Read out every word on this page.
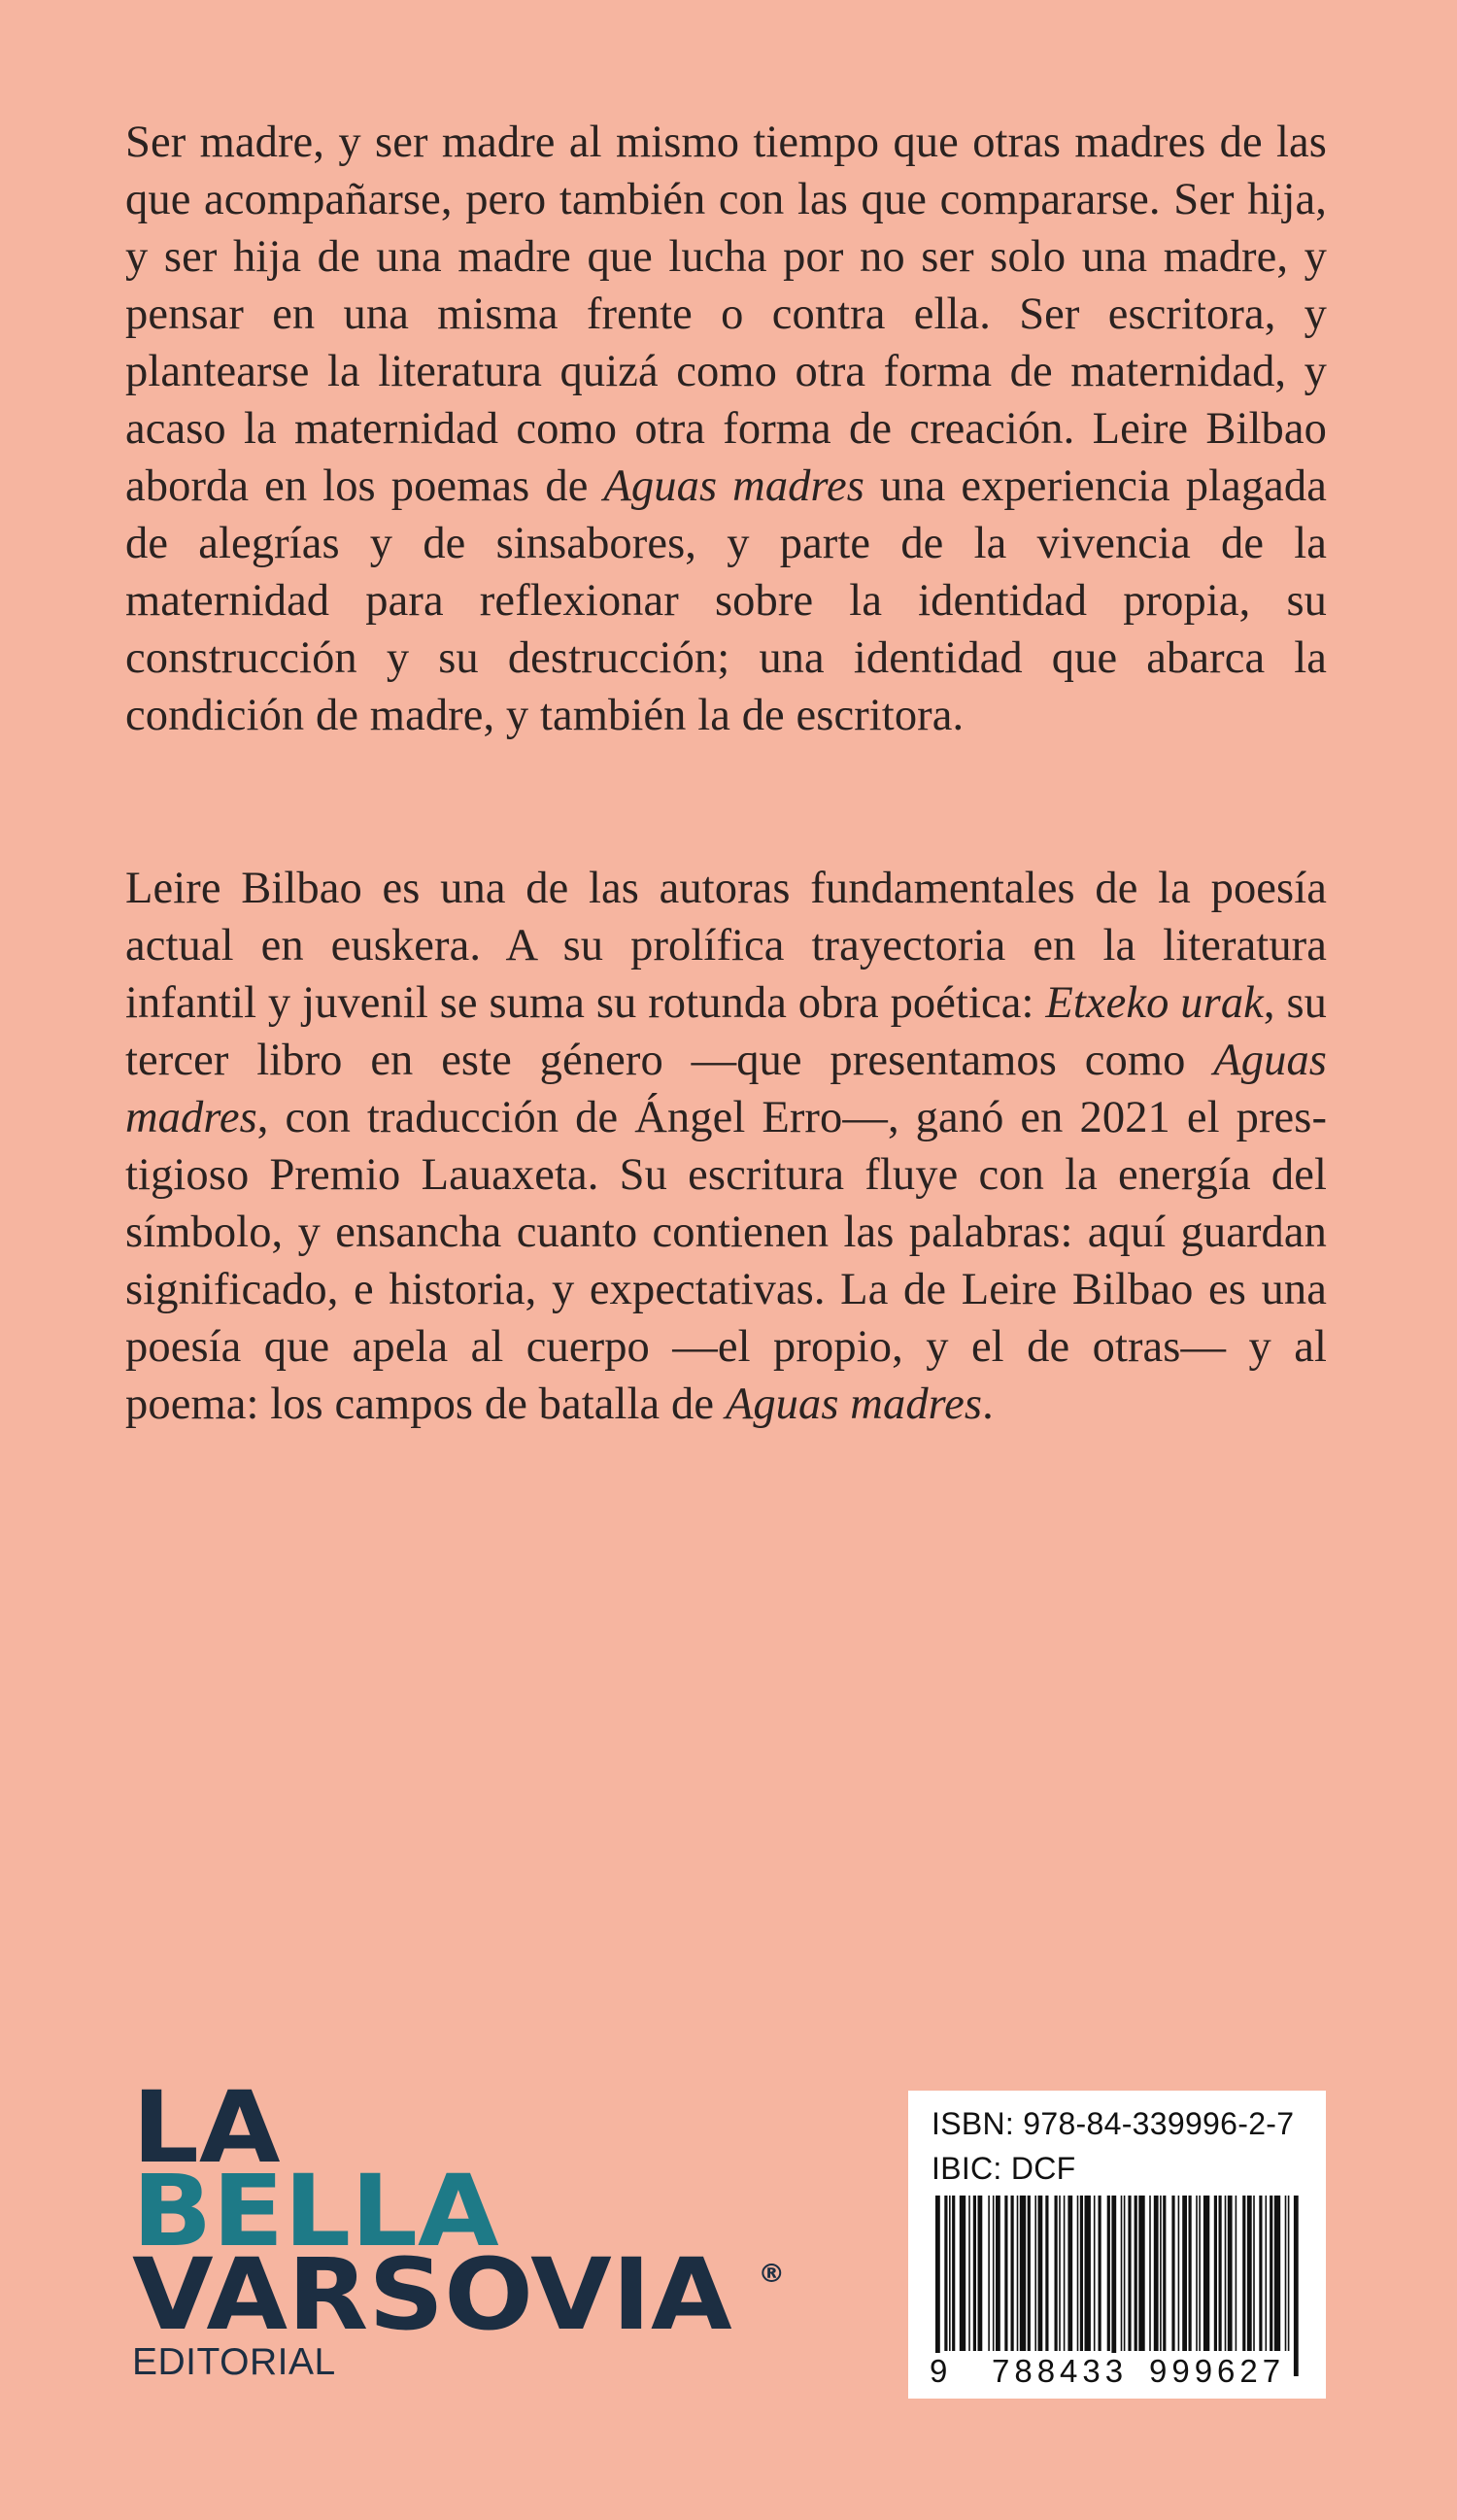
Ser madre, y ser madre al mismo tiempo que otras madres de las que acompañarse, pero también con las que compararse. Ser hija, y ser hija de una madre que lucha por no ser solo una madre, y pensar en una misma frente o contra ella. Ser escritora, y plantearse la literatura quizá como otra forma de maternidad, y acaso la maternidad como otra forma de creación. Leire Bilbao aborda en los poemas de Aguas madres una experiencia plagada de alegrías y de sinsabores, y parte de la vivencia de la maternidad para reflexionar sobre la identidad propia, su construcción y su destrucción; una identidad que abarca la condición de madre, y también la de escritora.
Leire Bilbao es una de las autoras fundamentales de la poesía actual en euskera. A su prolífica trayectoria en la literatura infantil y juvenil se suma su rotunda obra poética: Etxeko urak, su tercer libro en este género —que presentamos como Aguas madres, con traducción de Ángel Erro—, ganó en 2021 el prestigioso Premio Lauaxeta. Su escritura fluye con la energía del símbolo, y ensancha cuanto contienen las palabras: aquí guardan significado, e historia, y expectativas. La de Leire Bilbao es una poesía que apela al cuerpo —el propio, y el de otras— y al poema: los campos de batalla de Aguas madres.
LA
BELLA
VARSOVIA ®
EDITORIAL
ISBN: 978-84-339996-2-7
IBIC: DCF
9 788433 999627
